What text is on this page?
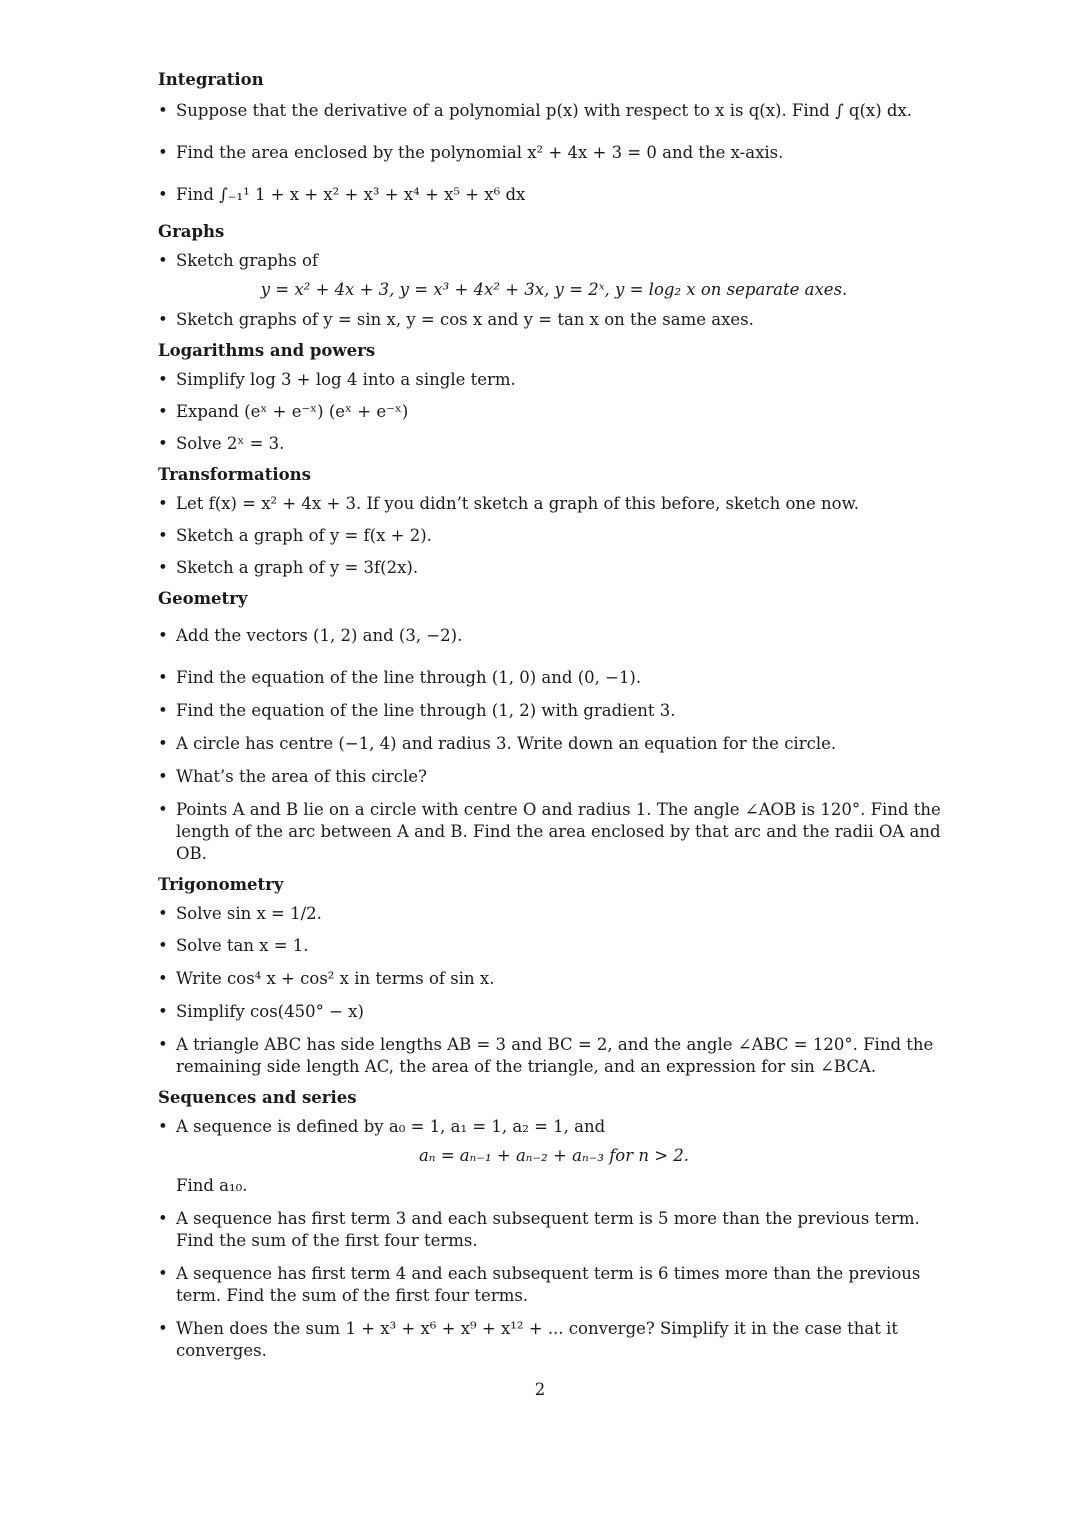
Integration

• Suppose that the derivative of a polynomial p(x) with respect to x is q(x). Find ∫ q(x) dx.

• Find the area enclosed by the polynomial x² + 4x + 3 = 0 and the x-axis.

• Find ∫₋₁¹ 1 + x + x² + x³ + x⁴ + x⁵ + x⁶ dx

Graphs

• Sketch graphs of

y = x² + 4x + 3, y = x³ + 4x² + 3x, y = 2ˣ, y = log₂ x on separate axes.

• Sketch graphs of y = sin x, y = cos x and y = tan x on the same axes.

Logarithms and powers

• Simplify log 3 + log 4 into a single term.

• Expand (eˣ + e⁻ˣ) (eˣ + e⁻ˣ)

• Solve 2ˣ = 3.

Transformations

• Let f(x) = x² + 4x + 3. If you didn’t sketch a graph of this before, sketch one now.

• Sketch a graph of y = f(x + 2).

• Sketch a graph of y = 3f(2x).

Geometry

• Add the vectors (1, 2) and (3, −2).

• Find the equation of the line through (1, 0) and (0, −1).

• Find the equation of the line through (1, 2) with gradient 3.

• A circle has centre (−1, 4) and radius 3. Write down an equation for the circle.

• What’s the area of this circle?

• Points A and B lie on a circle with centre O and radius 1. The angle ∠AOB is 120°. Find the length of the arc between A and B. Find the area enclosed by that arc and the radii OA and OB.

Trigonometry

• Solve sin x = 1/2.

• Solve tan x = 1.

• Write cos⁴ x + cos² x in terms of sin x.

• Simplify cos(450° − x)

• A triangle ABC has side lengths AB = 3 and BC = 2, and the angle ∠ABC = 120°. Find the remaining side length AC, the area of the triangle, and an expression for sin ∠BCA.

Sequences and series

• A sequence is defined by a₀ = 1, a₁ = 1, a₂ = 1, and

aₙ = aₙ₋₁ + aₙ₋₂ + aₙ₋₃ for n > 2.

Find a₁₀.

• A sequence has first term 3 and each subsequent term is 5 more than the previous term. Find the sum of the first four terms.

• A sequence has first term 4 and each subsequent term is 6 times more than the previous term. Find the sum of the first four terms.

• When does the sum 1 + x³ + x⁶ + x⁹ + x¹² + ... converge? Simplify it in the case that it converges.

2
